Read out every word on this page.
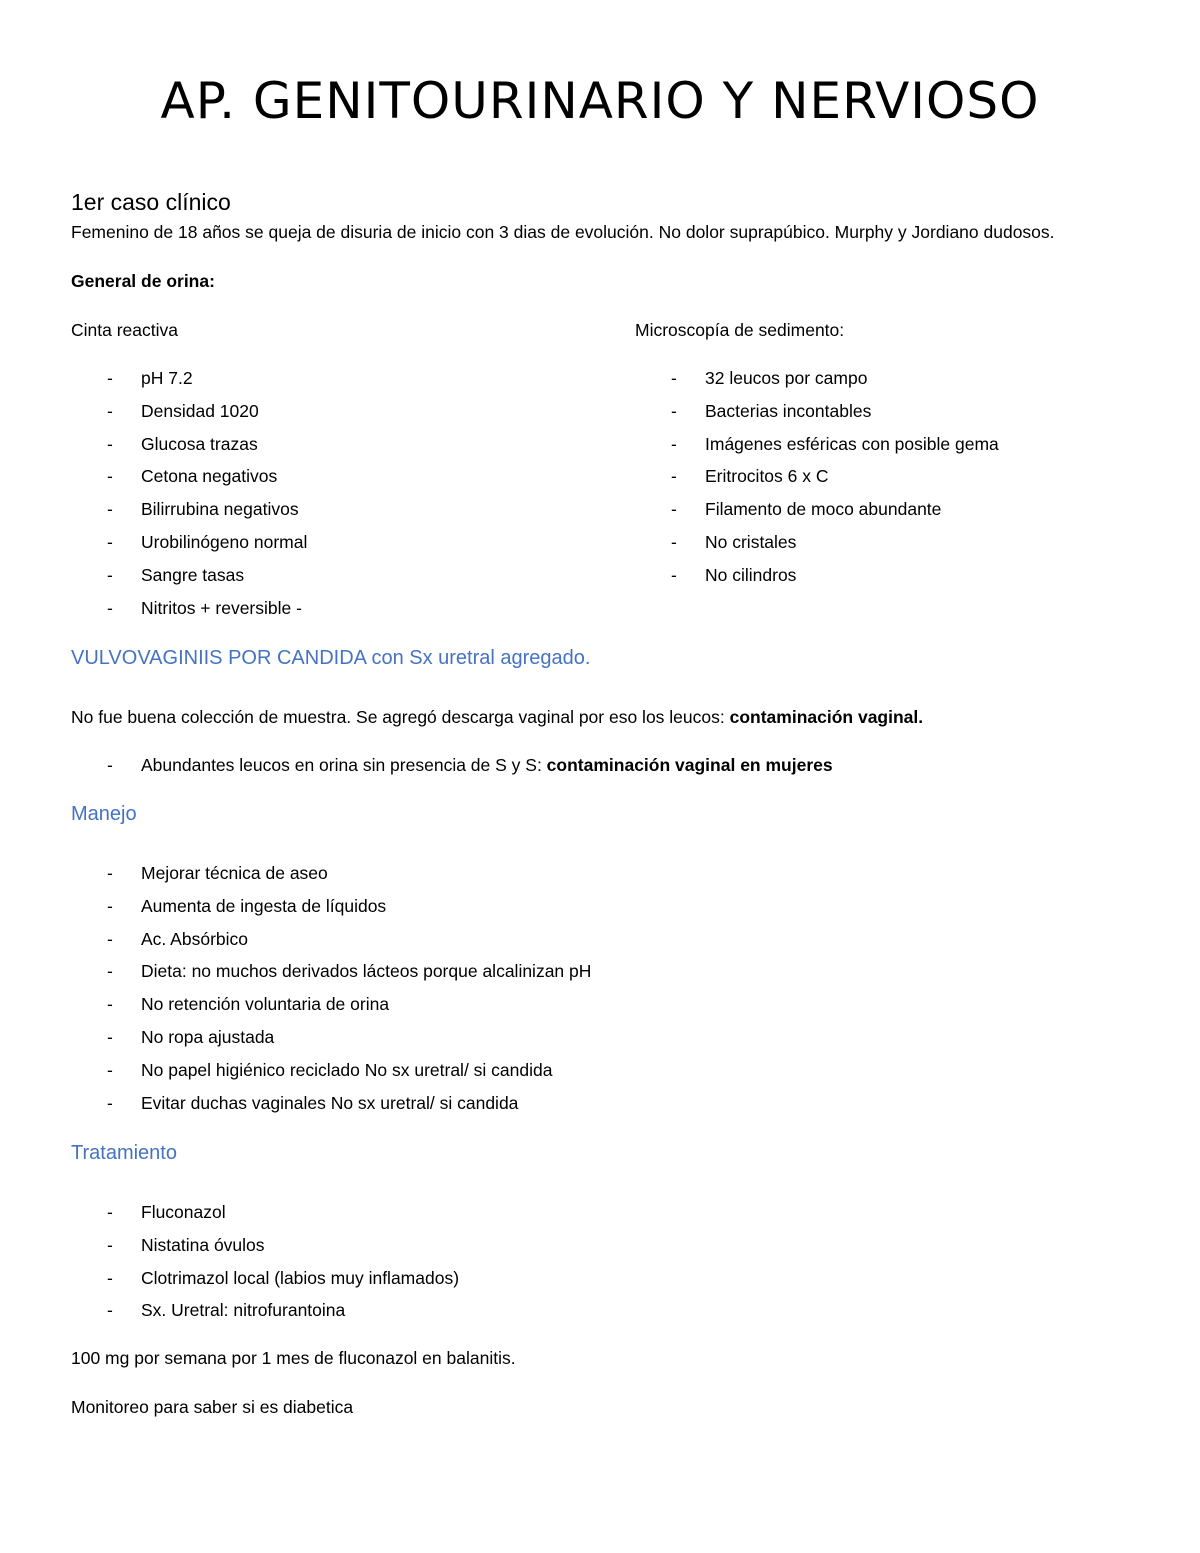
AP. GENITOURINARIO Y NERVIOSO

1er caso clínico

Femenino de 18 años se queja de disuria de inicio con 3 dias de evolución. No dolor suprapúbico. Murphy y Jordiano dudosos.

General de orina:

Cinta reactiva	Microscopía de sedimento:

- pH 7.2
- Densidad 1020
- Glucosa trazas
- Cetona negativos
- Bilirrubina negativos
- Urobilinógeno normal
- Sangre tasas
- Nitritos + reversible -
- 32 leucos por campo
- Bacterias incontables
- Imágenes esféricas con posible gema
- Eritrocitos 6 x C
- Filamento de moco abundante
- No cristales
- No cilindros

VULVOVAGINIIS POR CANDIDA con Sx uretral agregado.

No fue buena colección de muestra. Se agregó descarga vaginal por eso los leucos: contaminación vaginal.

- Abundantes leucos en orina sin presencia de S y S: contaminación vaginal en mujeres

Manejo

- Mejorar técnica de aseo
- Aumenta de ingesta de líquidos
- Ac. Absórbico
- Dieta: no muchos derivados lácteos porque alcalinizan pH
- No retención voluntaria de orina
- No ropa ajustada
- No papel higiénico reciclado No sx uretral/ si candida
- Evitar duchas vaginales No sx uretral/ si candida

Tratamiento

- Fluconazol
- Nistatina óvulos
- Clotrimazol local (labios muy inflamados)
- Sx. Uretral: nitrofurantoina

100 mg por semana por 1 mes de fluconazol en balanitis.

Monitoreo para saber si es diabetica
